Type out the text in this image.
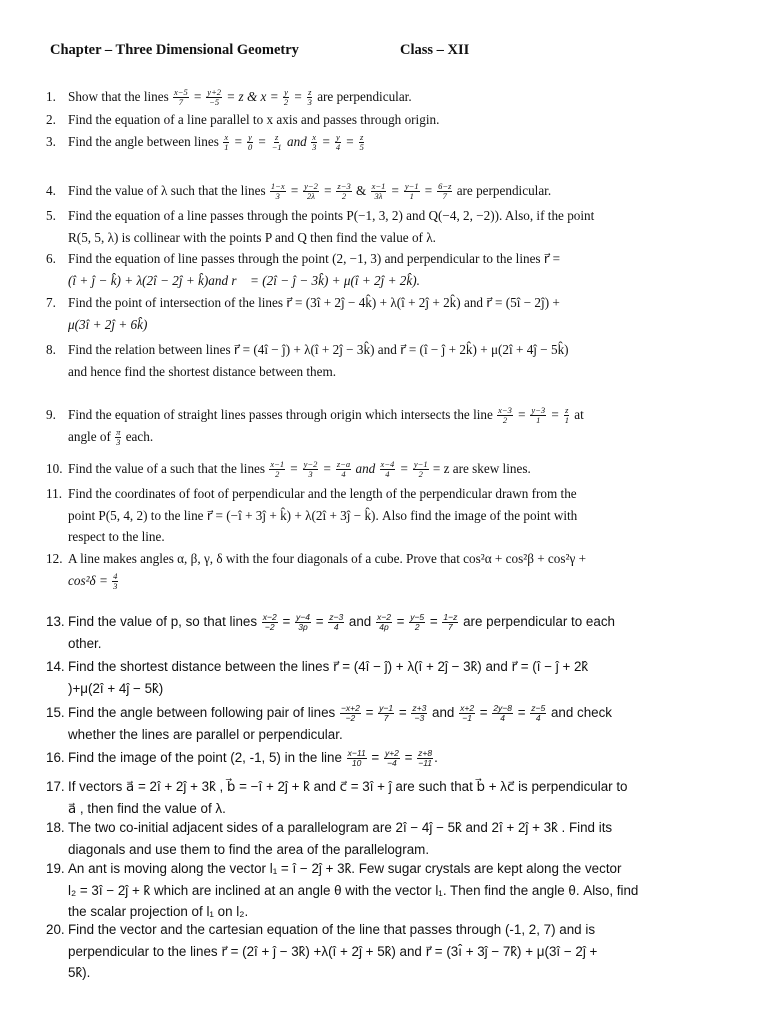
Chapter – Three Dimensional Geometry	Class – XII
1. Show that the lines $\frac{x-5}{7} = \frac{y+2}{-5} = z$ & $x = \frac{y}{2} = \frac{z}{3}$ are perpendicular.
2. Find the equation of a line parallel to x axis and passes through origin.
3. Find the angle between lines $\frac{x}{1} = \frac{y}{0} = \frac{z}{-1}$ and $\frac{x}{3} = \frac{y}{4} = \frac{z}{5}$
4. Find the value of λ such that the lines $\frac{1-x}{3} = \frac{y-2}{2\lambda} = \frac{z-3}{2}$ & $\frac{x-1}{3\lambda} = \frac{y-1}{1} = \frac{6-z}{7}$ are perpendicular.
5. Find the equation of a line passes through the points P(−1, 3, 2) and Q(−4, 2, −2)). Also, if the point
R(5, 5, λ) is collinear with the points P and Q then find the value of λ.
6. Find the equation of line passes through the point (2, −1, 3) and perpendicular to the lines r⃗ =
(î + ĵ − k̂) + λ(2î − 2ĵ + k̂)and r⃗ = (2î − ĵ − 3k̂) + μ(î + 2ĵ + 2k̂).
7. Find the point of intersection of the lines r⃗ = (3î + 2ĵ − 4k̂) + λ(î + 2ĵ + 2k̂) and r⃗ = (5î − 2ĵ) +
μ(3î + 2ĵ + 6k̂)
8. Find the relation between lines r⃗ = (4î − ĵ) + λ(î + 2ĵ − 3k̂) and r⃗ = (î − ĵ + 2k̂) + μ(2î + 4ĵ − 5k̂)
and hence find the shortest distance between them.
9. Find the equation of straight lines passes through origin which intersects the line $\frac{x-3}{2} = \frac{y-3}{1} = \frac{z}{1}$ at
angle of $\frac{\pi}{3}$ each.
10. Find the value of a such that the lines $\frac{x-1}{2} = \frac{y-2}{3} = \frac{z-a}{4}$ and $\frac{x-4}{4} = \frac{y-1}{2} = z$ are skew lines.
11. Find the coordinates of foot of perpendicular and the length of the perpendicular drawn from the
point P(5, 4, 2) to the line r⃗ = (−î + 3ĵ + k̂) + λ(2î + 3ĵ − k̂). Also find the image of the point with
respect to the line.
12. A line makes angles α, β, γ, δ with the four diagonals of a cube. Prove that cos²α + cos²β + cos²γ +
$\cos^2\delta = \frac{4}{3}$
13. Find the value of p, so that lines $\frac{x-2}{-2} = \frac{y-4}{3p} = \frac{z-3}{4}$ and $\frac{x-2}{4p} = \frac{y-5}{2} = \frac{1-z}{7}$ are perpendicular to each
other.
14. Find the shortest distance between the lines r⃗ = (4î − ĵ) + λ(î + 2ĵ − 3k̂) and r⃗ = (î − ĵ + 2k̂
)+μ(2î + 4ĵ − 5k̂)
15. Find the angle between following pair of lines $\frac{-x+2}{-2} = \frac{y-1}{7} = \frac{z+3}{-3}$ and $\frac{x+2}{-1} = \frac{2y-8}{4} = \frac{z-5}{4}$ and check
whether the lines are parallel or perpendicular.
16. Find the image of the point (2, -1, 5) in the line $\frac{x-11}{10} = \frac{y+2}{-4} = \frac{z+8}{-11}$ .
17. If vectors a⃗ = 2î + 2ĵ + 3k̂ , b⃗ = −î + 2ĵ + k̂ and c⃗ = 3î + ĵ are such that b⃗ + λc⃗ is perpendicular to
a⃗ , then find the value of λ.
18. The two co-initial adjacent sides of a parallelogram are 2î − 4ĵ − 5k̂ and 2î + 2ĵ + 3k̂ . Find its
diagonals and use them to find the area of the parallelogram.
19. An ant is moving along the vector l₁ = î − 2ĵ + 3k̂. Few sugar crystals are kept along the vector
l₂ = 3î − 2ĵ + k̂ which are inclined at an angle θ with the vector l₁. Then find the angle θ. Also, find
the scalar projection of l₁ on l₂.
20. Find the vector and the cartesian equation of the line that passes through (-1, 2, 7) and is
perpendicular to the lines r⃗ = (2î + ĵ − 3k̂) +λ(î + 2ĵ + 5k̂) and r⃗ = (3ı̂ + 3ĵ − 7k̂) + μ(3î − 2ĵ +
5k̂).
